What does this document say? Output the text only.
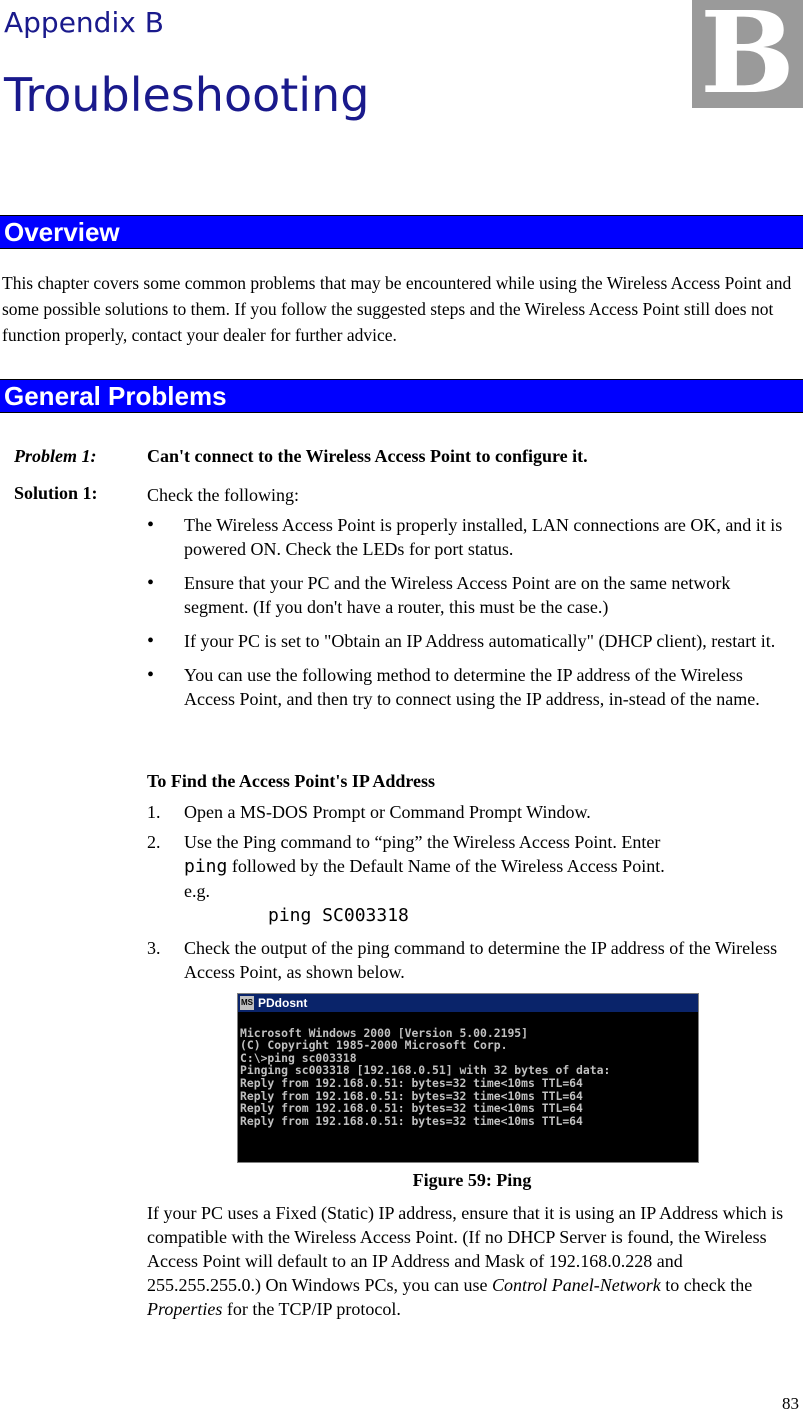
Appendix B
Troubleshooting	B
Overview

This chapter covers some common problems that may be encountered while using the Wireless Access Point and some possible solutions to them. If you follow the suggested steps and the Wireless Access Point still does not function properly, contact your dealer for further advice.

General Problems
Problem 1:	Can't connect to the Wireless Access Point to configure it.
Solution 1:	Check the following:
• The Wireless Access Point is properly installed, LAN connections are OK, and it is powered ON. Check the LEDs for port status.
• Ensure that your PC and the Wireless Access Point are on the same network segment. (If you don't have a router, this must be the case.)
• If your PC is set to "Obtain an IP Address automatically" (DHCP client), restart it.
• You can use the following method to determine the IP address of the Wireless Access Point, and then try to connect using the IP address, in-stead of the name.
To Find the Access Point's IP Address
1. Open a MS-DOS Prompt or Command Prompt Window.
2. Use the Ping command to “ping” the Wireless Access Point. Enter
ping followed by the Default Name of the Wireless Access Point.
e.g.
ping SC003318
3. Check the output of the ping command to determine the IP address of the Wireless Access Point, as shown below.
MS PDdosnt

Microsoft Windows 2000 [Version 5.00.2195]
(C) Copyright 1985-2000 Microsoft Corp.
C:\>ping sc003318
Pinging sc003318 [192.168.0.51] with 32 bytes of data:
Reply from 192.168.0.51: bytes=32 time<10ms TTL=64
Reply from 192.168.0.51: bytes=32 time<10ms TTL=64
Reply from 192.168.0.51: bytes=32 time<10ms TTL=64
Reply from 192.168.0.51: bytes=32 time<10ms TTL=64

Figure 59: Ping

If your PC uses a Fixed (Static) IP address, ensure that it is using an IP Address which is compatible with the Wireless Access Point. (If no DHCP Server is found, the Wireless Access Point will default to an IP Address and Mask of 192.168.0.228 and 255.255.255.0.) On Windows PCs, you can use Control Panel-Network to check the Properties for the TCP/IP protocol.

83
